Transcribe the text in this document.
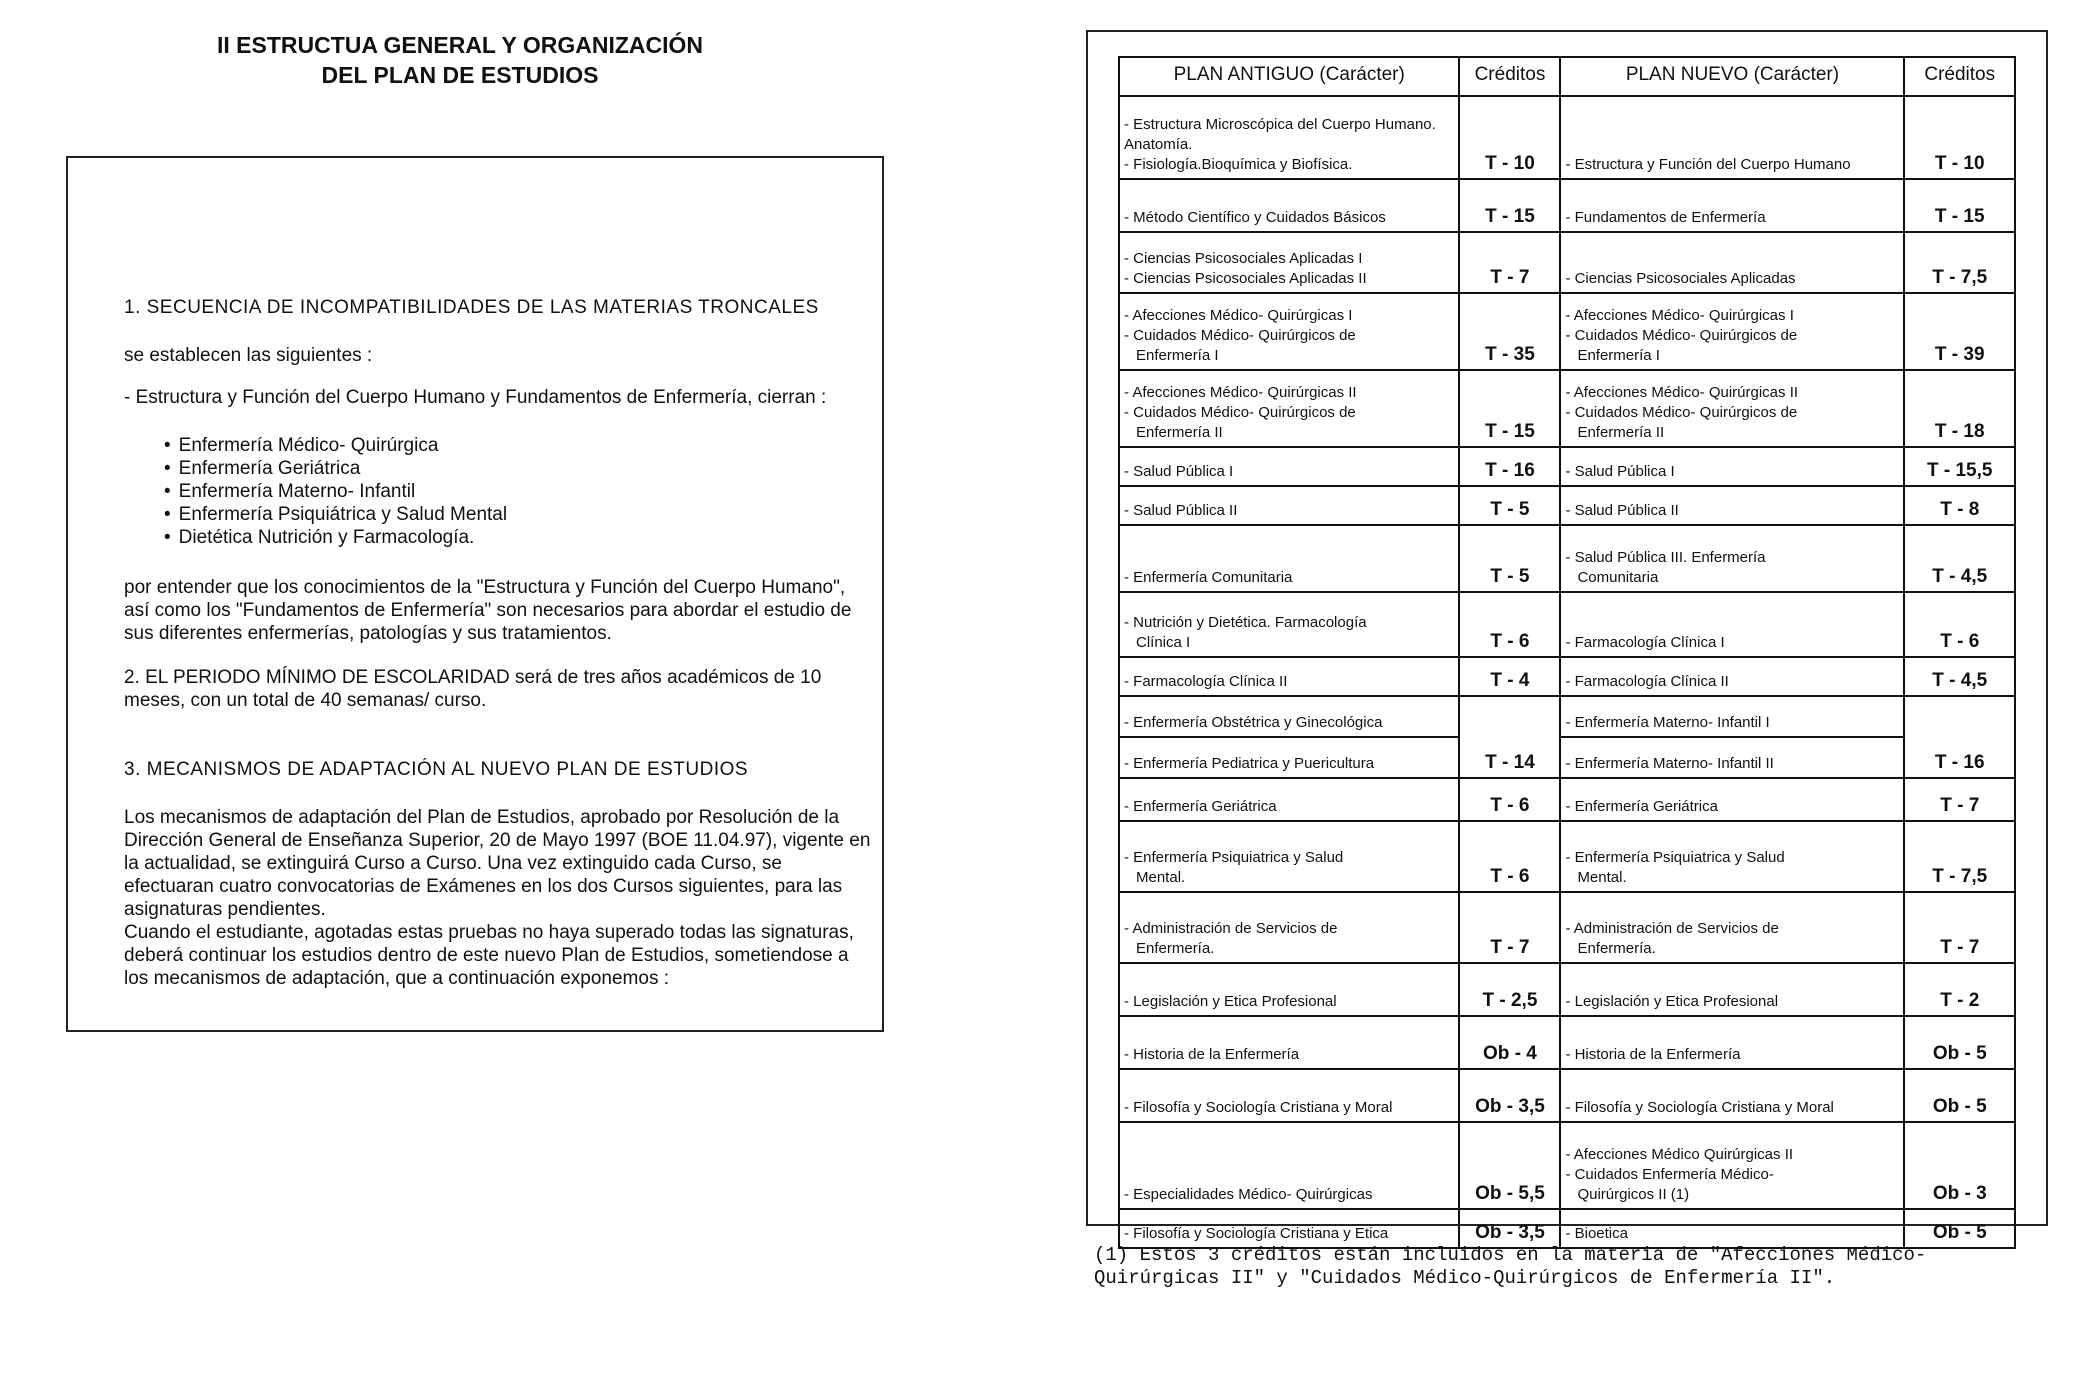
II ESTRUCTUA GENERAL Y ORGANIZACIÓN
DEL PLAN DE ESTUDIOS
1. SECUENCIA DE INCOMPATIBILIDADES DE LAS MATERIAS TRONCALES
se establecen las siguientes :
- Estructura y Función del Cuerpo Humano y Fundamentos de Enfermería, cierran :
• Enfermería Médico- Quirúrgica
• Enfermería Geriátrica
• Enfermería Materno- Infantil
• Enfermería Psiquiátrica y Salud Mental
• Dietética Nutrición y Farmacología.
por entender que los conocimientos de la "Estructura y Función del Cuerpo Humano", así como los "Fundamentos de Enfermería" son necesarios para abordar el estudio de sus diferentes enfermerías, patologías y sus tratamientos.
2. EL PERIODO MÍNIMO DE ESCOLARIDAD será de tres años académicos de 10 meses, con un total de 40 semanas/ curso.
3. MECANISMOS DE ADAPTACIÓN AL NUEVO PLAN DE ESTUDIOS

Los mecanismos de adaptación del Plan de Estudios, aprobado por Resolución de la Dirección General de Enseñanza Superior, 20 de Mayo 1997 (BOE 11.04.97), vigente en la actualidad, se extinguirá Curso a Curso. Una vez extinguido cada Curso, se efectuaran cuatro convocatorias de Exámenes en los dos Cursos siguientes, para las asignaturas pendientes.

Cuando el estudiante, agotadas estas pruebas no haya superado todas las signaturas, deberá continuar los estudios dentro de este nuevo Plan de Estudios, sometiendose a los mecanismos de adaptación, que a continuación exponemos :

PLAN ANTIGUO (Carácter)	Créditos	PLAN NUEVO (Carácter)	Créditos

- Estructura Microscópica del Cuerpo Humano. Anatomía.
- Fisiología.Bioquímica y Biofísica.	T - 10	- Estructura y Función del Cuerpo Humano	T - 10

- Método Científico y Cuidados Básicos	T - 15	- Fundamentos de Enfermería	T - 15

- Ciencias Psicosociales Aplicadas I
- Ciencias Psicosociales Aplicadas II	T - 7	- Ciencias Psicosociales Aplicadas	T - 7,5

- Afecciones Médico- Quirúrgicas I
- Cuidados Médico- Quirúrgicos de
Enfermería I	T - 35	- Afecciones Médico- Quirúrgicas I
- Cuidados Médico- Quirúrgicos de
Enfermería I	T - 39

- Afecciones Médico- Quirúrgicas II
- Cuidados Médico- Quirúrgicos de
Enfermería II	T - 15	- Afecciones Médico- Quirúrgicas II
- Cuidados Médico- Quirúrgicos de
Enfermería II	T - 18

- Salud Pública I	T - 16	- Salud Pública I	T - 15,5

- Salud Pública II	T - 5	- Salud Pública II	T - 8

- Enfermería Comunitaria	T - 5	- Salud Pública III. Enfermería
Comunitaria	T - 4,5

- Nutrición y Dietética. Farmacología
Clínica I	T - 6	- Farmacología Clínica I	T - 6

- Farmacología Clínica II	T - 4	- Farmacología Clínica II	T - 4,5
- Enfermería Obstétrica y Ginecológica	T - 14	- Enfermería Materno- Infantil I	T - 16
- Enfermería Pediatrica y Puericultura		- Enfermería Materno- Infantil II	

- Enfermería Geriátrica	T - 6	- Enfermería Geriátrica	T - 7

- Enfermería Psiquiatrica y Salud
Mental.	T - 6	- Enfermería Psiquiatrica y Salud
Mental.	T - 7,5

- Administración de Servicios de
Enfermería.	T - 7	- Administración de Servicios de
Enfermería.	T - 7

- Legislación y Etica Profesional	T - 2,5	- Legislación y Etica Profesional	T - 2

- Historia de la Enfermería	Ob - 4	- Historia de la Enfermería	Ob - 5

- Filosofía y Sociología Cristiana y Moral	Ob - 3,5	- Filosofía y Sociología Cristiana y Moral	Ob - 5

- Especialidades Médico- Quirúrgicas	Ob - 5,5	- Afecciones Médico Quirúrgicas II
- Cuidados Enfermería Médico-
Quirúrgicos II (1)	Ob - 3

- Filosofía y Sociología Cristiana y Etica	Ob - 3,5	- Bioetica	Ob - 5
(1) Estos 3 créditos están incluidos en la materia de "Afecciones Médico-Quirúrgicas II" y "Cuidados Médico-Quirúrgicos de Enfermería II".
